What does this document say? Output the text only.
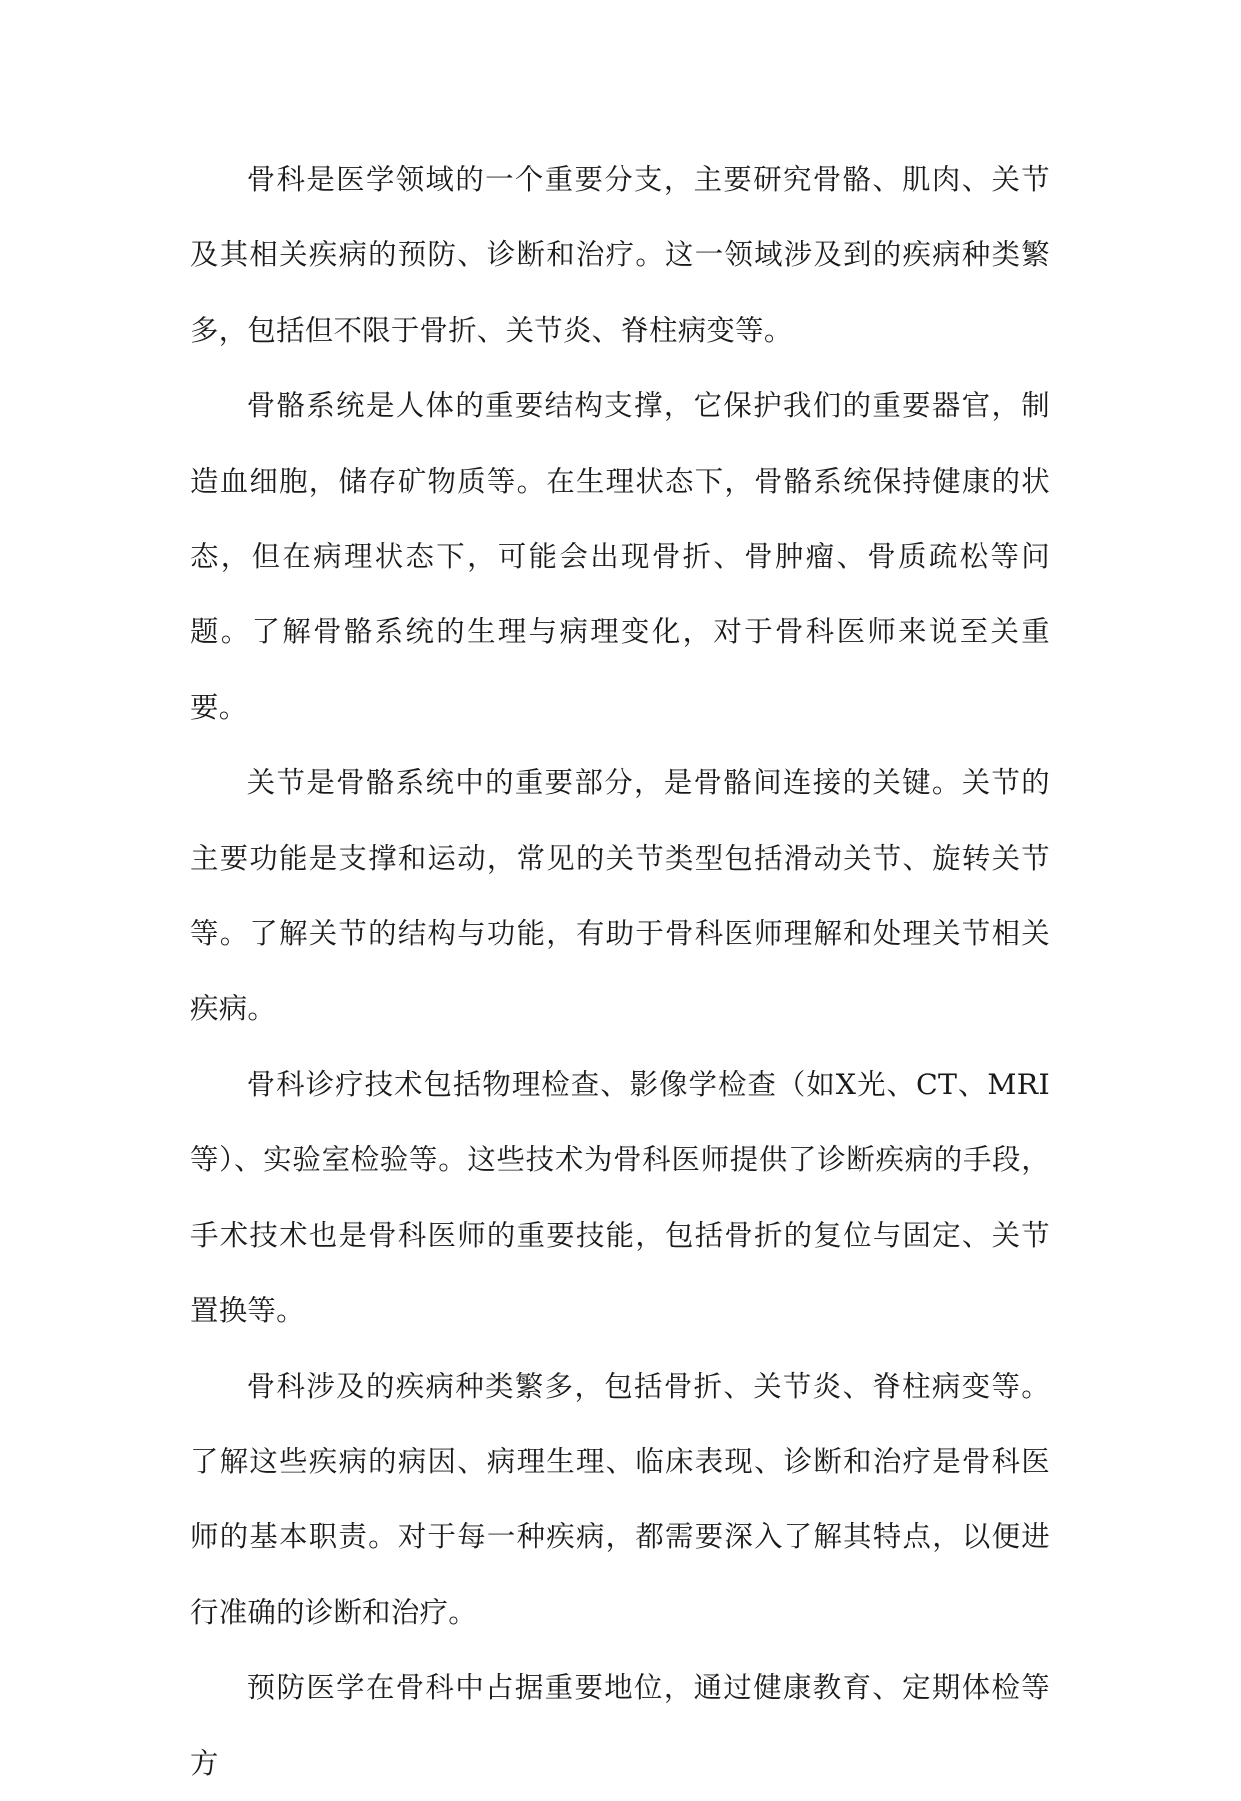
骨科是医学领域的一个重要分支，主要研究骨骼、肌肉、关节及其相关疾病的预防、诊断和治疗。这一领域涉及到的疾病种类繁多，包括但不限于骨折、关节炎、脊柱病变等。

骨骼系统是人体的重要结构支撑，它保护我们的重要器官，制造血细胞，储存矿物质等。在生理状态下，骨骼系统保持健康的状态，但在病理状态下，可能会出现骨折、骨肿瘤、骨质疏松等问题。了解骨骼系统的生理与病理变化，对于骨科医师来说至关重要。

关节是骨骼系统中的重要部分，是骨骼间连接的关键。关节的主要功能是支撑和运动，常见的关节类型包括滑动关节、旋转关节等。了解关节的结构与功能，有助于骨科医师理解和处理关节相关疾病。

骨科诊疗技术包括物理检查、影像学检查（如X光、CT、MRI等）、实验室检验等。这些技术为骨科医师提供了诊断疾病的手段，手术技术也是骨科医师的重要技能，包括骨折的复位与固定、关节置换等。

骨科涉及的疾病种类繁多，包括骨折、关节炎、脊柱病变等。了解这些疾病的病因、病理生理、临床表现、诊断和治疗是骨科医师的基本职责。对于每一种疾病，都需要深入了解其特点，以便进行准确的诊断和治疗。

预防医学在骨科中占据重要地位，通过健康教育、定期体检等方
